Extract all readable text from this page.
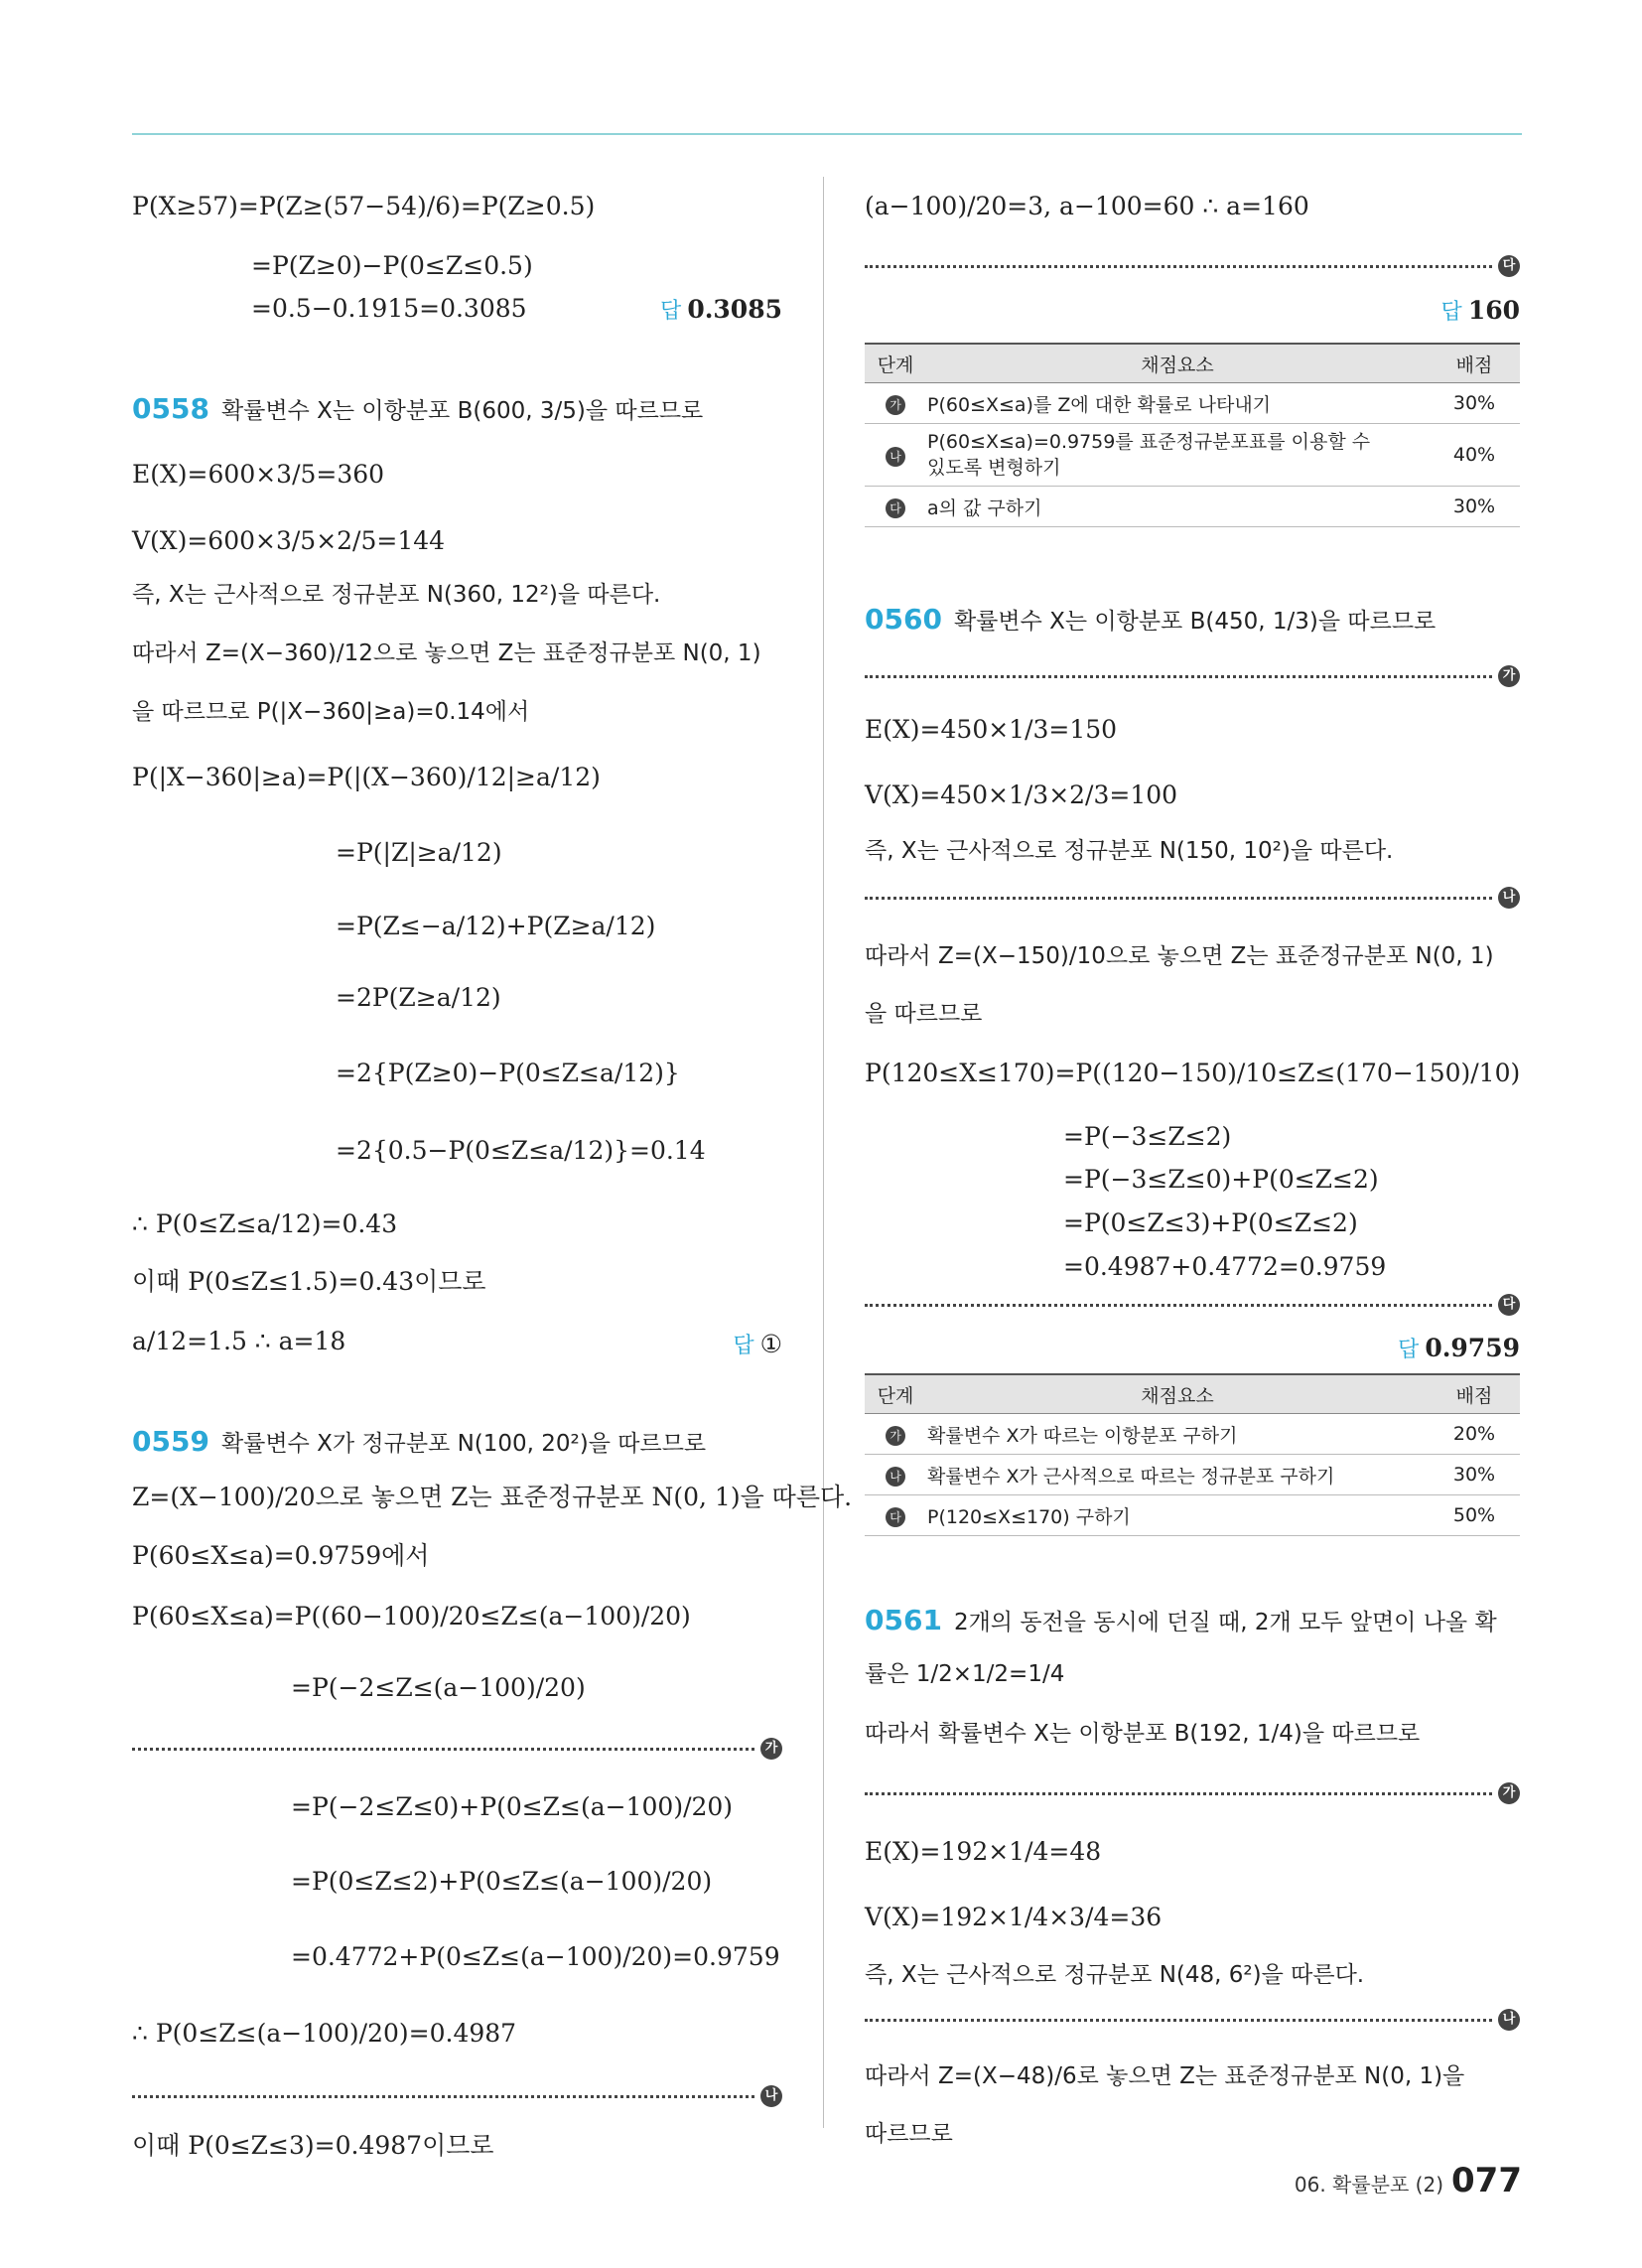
P(X≥57)=P(Z≥(57−54)/6)=P(Z≥0.5)
=P(Z≥0)−P(0≤Z≤0.5)
=0.5−0.1915=0.3085	답 0.3085
0558 확률변수 X는 이항분포 B(600, 3/5)을 따르므로
E(X)=600×3/5=360
V(X)=600×3/5×2/5=144
즉, X는 근사적으로 정규분포 N(360, 12²)을 따른다.
따라서 Z=(X−360)/12으로 놓으면 Z는 표준정규분포 N(0, 1)
을 따르므로 P(|X−360|≥a)=0.14에서
P(|X−360|≥a)=P(|(X−360)/12|≥a/12)
=P(|Z|≥a/12)
=P(Z≤−a/12)+P(Z≥a/12)
=2P(Z≥a/12)
=2{P(Z≥0)−P(0≤Z≤a/12)}
=2{0.5−P(0≤Z≤a/12)}=0.14
∴ P(0≤Z≤a/12)=0.43
이때 P(0≤Z≤1.5)=0.43이므로
a/12=1.5 ∴ a=18	답 ①
0559 확률변수 X가 정규분포 N(100, 20²)을 따르므로
Z=(X−100)/20으로 놓으면 Z는 표준정규분포 N(0, 1)을 따른다.
P(60≤X≤a)=0.9759에서
P(60≤X≤a)=P((60−100)/20≤Z≤(a−100)/20)
=P(−2≤Z≤(a−100)/20)
가
=P(−2≤Z≤0)+P(0≤Z≤(a−100)/20)
=P(0≤Z≤2)+P(0≤Z≤(a−100)/20)
=0.4772+P(0≤Z≤(a−100)/20)=0.9759
∴ P(0≤Z≤(a−100)/20)=0.4987
나
이때 P(0≤Z≤3)=0.4987이므로
(a−100)/20=3, a−100=60 ∴ a=160
다
답 160
단계	채점요소	배점
가	P(60≤X≤a)를 Z에 대한 확률로 나타내기	30%
나	P(60≤X≤a)=0.9759를 표준정규분포표를 이용할 수 있도록 변형하기	40%
다	a의 값 구하기	30%
0560 확률변수 X는 이항분포 B(450, 1/3)을 따르므로
가
E(X)=450×1/3=150
V(X)=450×1/3×2/3=100
즉, X는 근사적으로 정규분포 N(150, 10²)을 따른다.
나
따라서 Z=(X−150)/10으로 놓으면 Z는 표준정규분포 N(0, 1)
을 따르므로
P(120≤X≤170)=P((120−150)/10≤Z≤(170−150)/10)
=P(−3≤Z≤2)
=P(−3≤Z≤0)+P(0≤Z≤2)
=P(0≤Z≤3)+P(0≤Z≤2)
=0.4987+0.4772=0.9759
다
답 0.9759
단계	채점요소	배점
가	확률변수 X가 따르는 이항분포 구하기	20%
나	확률변수 X가 근사적으로 따르는 정규분포 구하기	30%
다	P(120≤X≤170) 구하기	50%
0561 2개의 동전을 동시에 던질 때, 2개 모두 앞면이 나올 확
률은 1/2×1/2=1/4
따라서 확률변수 X는 이항분포 B(192, 1/4)을 따르므로
가
E(X)=192×1/4=48
V(X)=192×1/4×3/4=36
즉, X는 근사적으로 정규분포 N(48, 6²)을 따른다.
나
따라서 Z=(X−48)/6로 놓으면 Z는 표준정규분포 N(0, 1)을
따르므로
06. 확률분포 (2) 077
